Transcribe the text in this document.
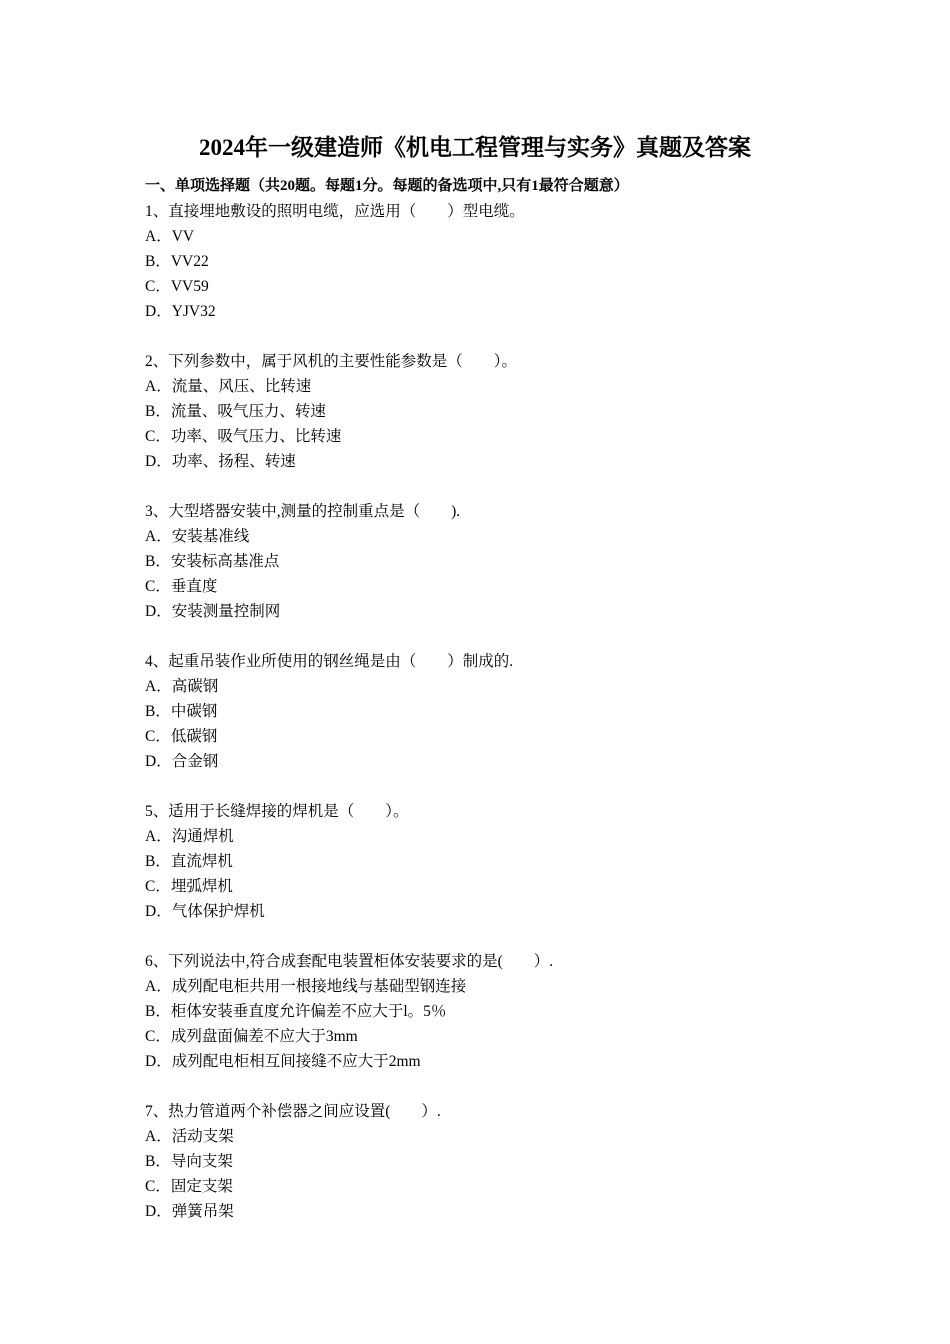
2024年一级建造师《机电工程管理与实务》真题及答案
一、单项选择题（共20题。每题1分。每题的备选项中,只有1最符合题意）
1、直接埋地敷设的照明电缆，应选用（　　）型电缆。
A．VV
B．VV22
C．VV59
D．YJV32
2、下列参数中，属于风机的主要性能参数是（　　）。
A．流量、风压、比转速
B．流量、吸气压力、转速
C．功率、吸气压力、比转速
D．功率、扬程、转速
3、大型塔器安装中,测量的控制重点是（　　).
A．安装基准线
B．安装标高基准点
C．垂直度
D．安装测量控制网
4、起重吊装作业所使用的钢丝绳是由（　　）制成的.
A．高碳钢
B．中碳钢
C．低碳钢
D．合金钢
5、适用于长缝焊接的焊机是（　　）。
A．沟通焊机
B．直流焊机
C．埋弧焊机
D．气体保护焊机
6、下列说法中,符合成套配电装置柜体安装要求的是(　　）.
A．成列配电柜共用一根接地线与基础型钢连接
B．柜体安装垂直度允许偏差不应大于l。5％
C．成列盘面偏差不应大于3mm
D．成列配电柜相互间接缝不应大于2mm
7、热力管道两个补偿器之间应设置(　　）.
A．活动支架
B．导向支架
C．固定支架
D．弹簧吊架
